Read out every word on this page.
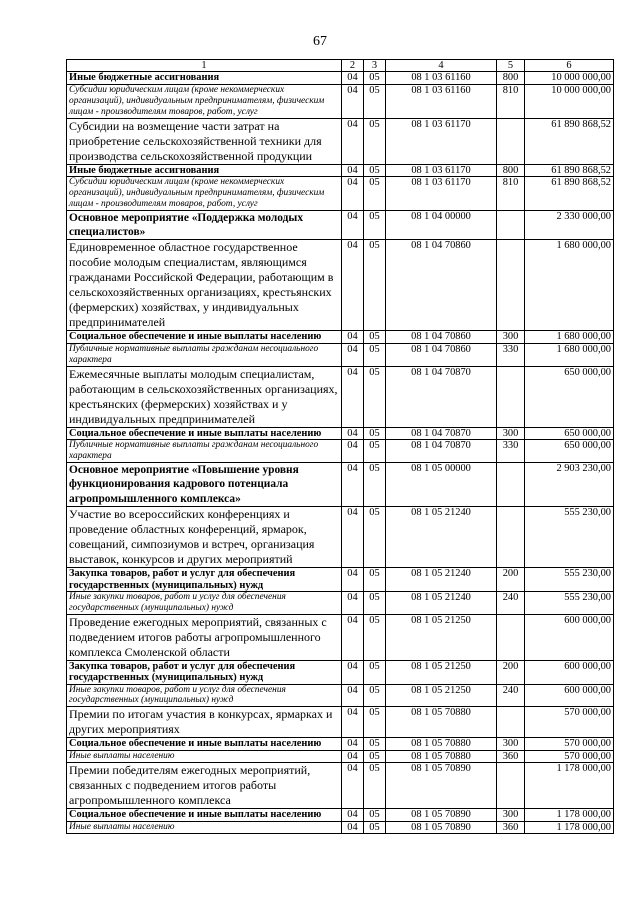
67
1	2	3	4	5	6
Иные бюджетные ассигнования	04	05	08 1 03 61160	800	10 000 000,00
Субсидии юридическим лицам (кроме некоммерческих организаций), индивидуальным предпринимателям, физическим лицам - производителям товаров, работ, услуг	04	05	08 1 03 61160	810	10 000 000,00
Субсидии на возмещение части затрат на приобретение сельскохозяйственной техники для производства сельскохозяйственной продукции	04	05	08 1 03 61170		61 890 868,52
Иные бюджетные ассигнования	04	05	08 1 03 61170	800	61 890 868,52
Субсидии юридическим лицам (кроме некоммерческих организаций), индивидуальным предпринимателям, физическим лицам - производителям товаров, работ, услуг	04	05	08 1 03 61170	810	61 890 868,52
Основное мероприятие «Поддержка молодых специалистов»	04	05	08 1 04 00000		2 330 000,00
Единовременное областное государственное пособие молодым специалистам, являющимся гражданами Российской Федерации, работающим в сельскохозяйственных организациях, крестьянских (фермерских) хозяйствах, у индивидуальных предпринимателей	04	05	08 1 04 70860		1 680 000,00
Социальное обеспечение и иные выплаты населению	04	05	08 1 04 70860	300	1 680 000,00
Публичные нормативные выплаты гражданам несоциального характера	04	05	08 1 04 70860	330	1 680 000,00
Ежемесячные выплаты молодым специалистам, работающим в сельскохозяйственных организациях, крестьянских (фермерских) хозяйствах и у индивидуальных предпринимателей	04	05	08 1 04 70870		650 000,00
Социальное обеспечение и иные выплаты населению	04	05	08 1 04 70870	300	650 000,00
Публичные нормативные выплаты гражданам несоциального характера	04	05	08 1 04 70870	330	650 000,00
Основное мероприятие «Повышение уровня функционирования кадрового потенциала агропромышленного комплекса»	04	05	08 1 05 00000		2 903 230,00
Участие во всероссийских конференциях и проведение областных конференций, ярмарок, совещаний, симпозиумов и встреч, организация выставок, конкурсов и других мероприятий	04	05	08 1 05 21240		555 230,00
Закупка товаров, работ и услуг для обеспечения государственных (муниципальных) нужд	04	05	08 1 05 21240	200	555 230,00
Иные закупки товаров, работ и услуг для обеспечения государственных (муниципальных) нужд	04	05	08 1 05 21240	240	555 230,00
Проведение ежегодных мероприятий, связанных с подведением итогов работы агропромышленного комплекса Смоленской области	04	05	08 1 05 21250		600 000,00
Закупка товаров, работ и услуг для обеспечения государственных (муниципальных) нужд	04	05	08 1 05 21250	200	600 000,00
Иные закупки товаров, работ и услуг для обеспечения государственных (муниципальных) нужд	04	05	08 1 05 21250	240	600 000,00
Премии по итогам участия в конкурсах, ярмарках и других мероприятиях	04	05	08 1 05 70880		570 000,00
Социальное обеспечение и иные выплаты населению	04	05	08 1 05 70880	300	570 000,00
Иные выплаты населению	04	05	08 1 05 70880	360	570 000,00
Премии победителям ежегодных мероприятий, связанных с подведением итогов работы агропромышленного комплекса	04	05	08 1 05 70890		1 178 000,00
Социальное обеспечение и иные выплаты населению	04	05	08 1 05 70890	300	1 178 000,00
Иные выплаты населению	04	05	08 1 05 70890	360	1 178 000,00
